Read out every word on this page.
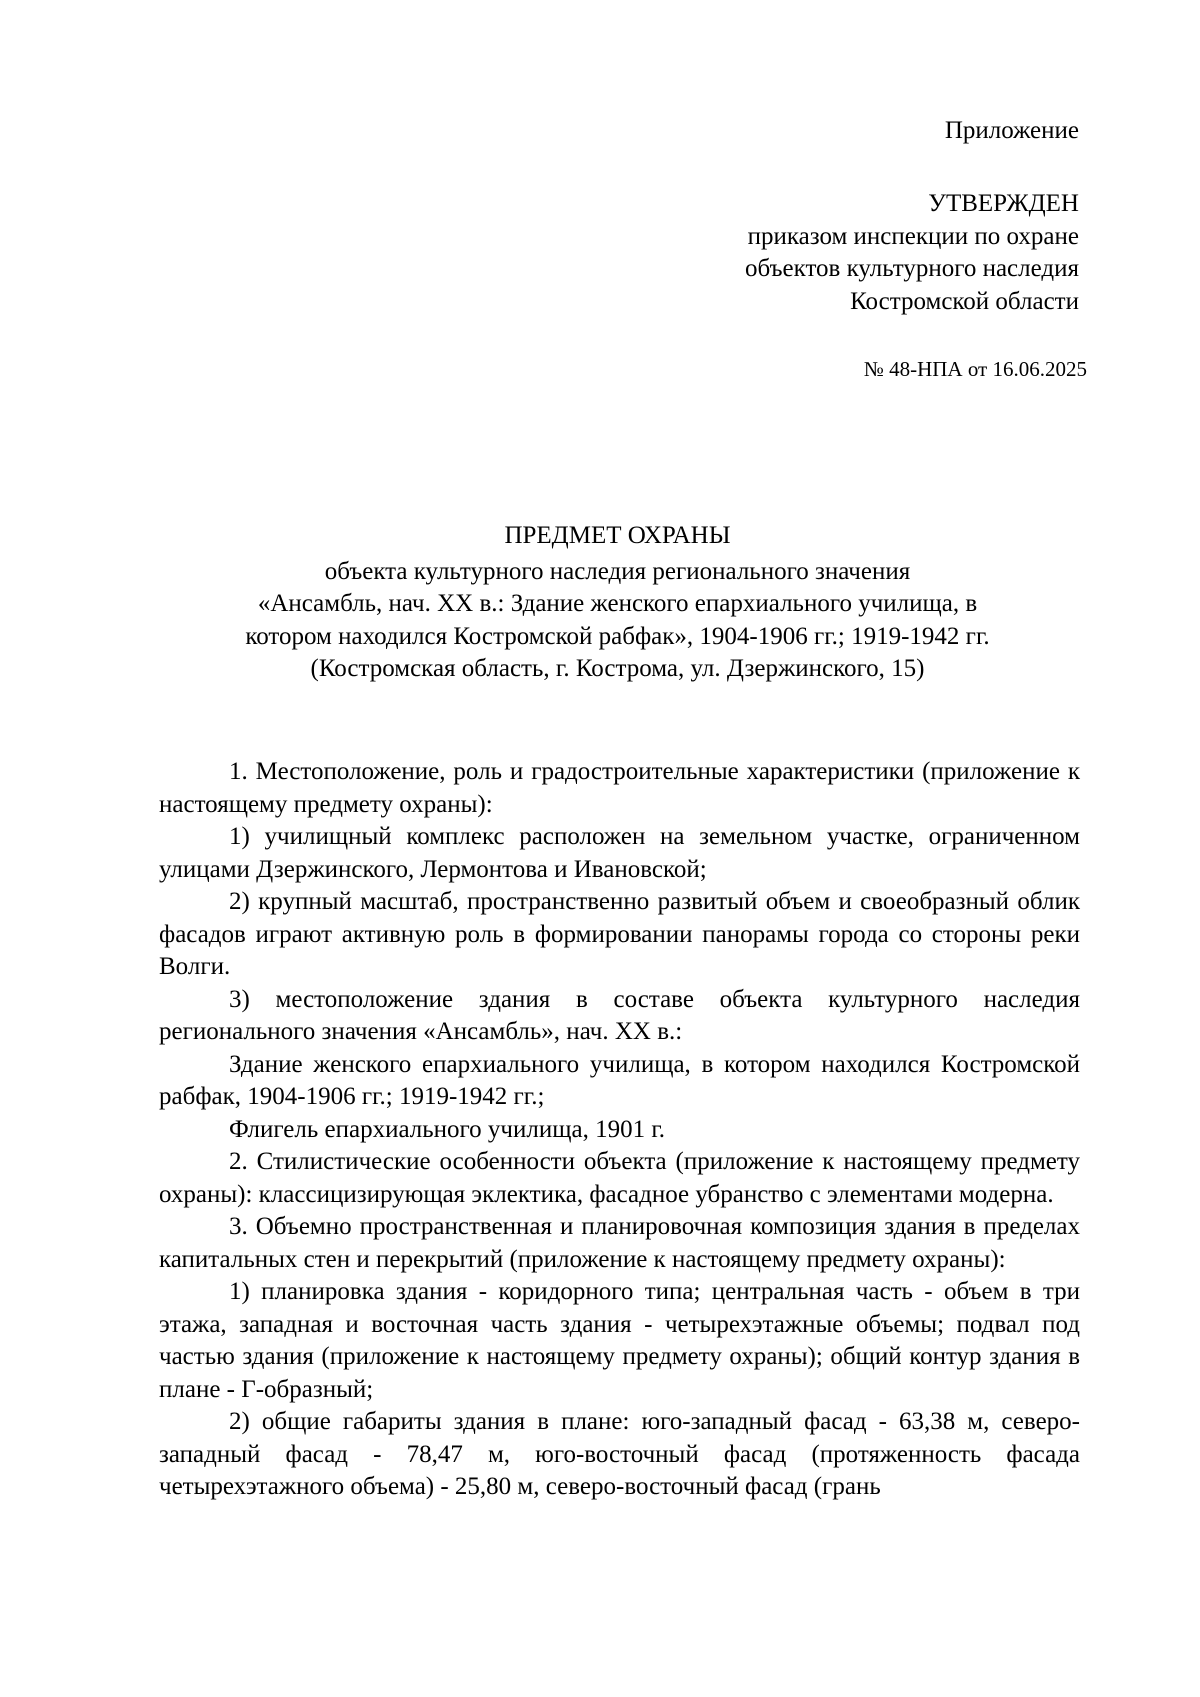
Приложение
УТВЕРЖДЕН
приказом инспекции по охране
объектов культурного наследия
Костромской области
№ 48-НПА от 16.06.2025
ПРЕДМЕТ ОХРАНЫ
объекта культурного наследия регионального значения
«Ансамбль, нач. XX в.: Здание женского епархиального училища, в
котором находился Костромской рабфак», 1904-1906 гг.; 1919-1942 гг.
(Костромская область, г. Кострома, ул. Дзержинского, 15)

1. Местоположение, роль и градостроительные характеристики (приложение к настоящему предмету охраны):

1) училищный комплекс расположен на земельном участке, ограниченном улицами Дзержинского, Лермонтова и Ивановской;

2) крупный масштаб, пространственно развитый объем и своеобразный облик фасадов играют активную роль в формировании панорамы города со стороны реки Волги.

3) местоположение здания в составе объекта культурного наследия регионального значения «Ансамбль», нач. XX в.:

Здание женского епархиального училища, в котором находился Костромской рабфак, 1904-1906 гг.; 1919-1942 гг.;

Флигель епархиального училища, 1901 г.

2. Стилистические особенности объекта (приложение к настоящему предмету охраны): классицизирующая эклектика, фасадное убранство с элементами модерна.

3. Объемно пространственная и планировочная композиция здания в пределах капитальных стен и перекрытий (приложение к настоящему предмету охраны):

1) планировка здания - коридорного типа; центральная часть - объем в три этажа, западная и восточная часть здания - четырехэтажные объемы; подвал под частью здания (приложение к настоящему предмету охраны); общий контур здания в плане - Г-образный;

2) общие габариты здания в плане: юго-западный фасад - 63,38 м, северо-западный фасад - 78,47 м, юго-восточный фасад (протяженность фасада четырехэтажного объема) - 25,80 м, северо-восточный фасад (грань
